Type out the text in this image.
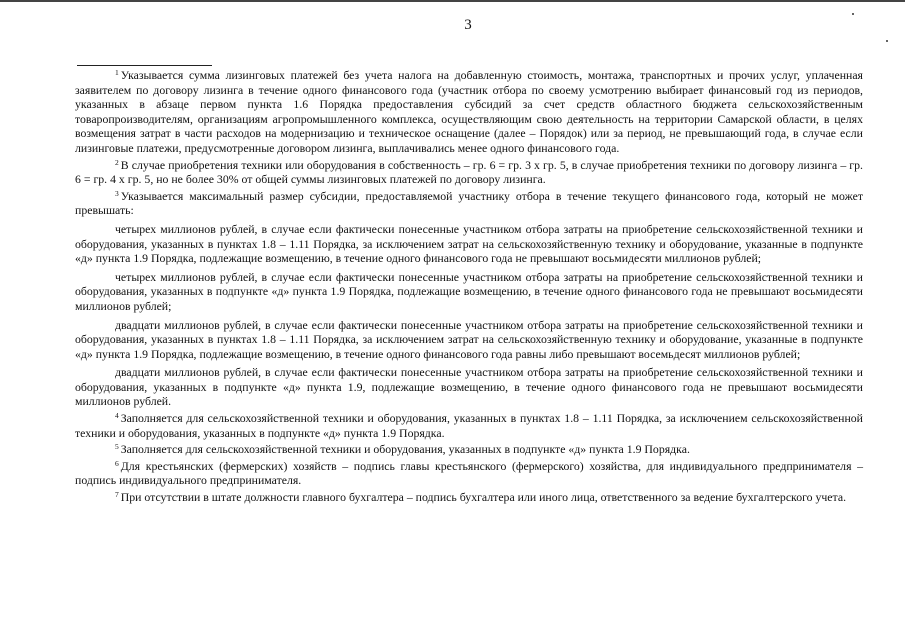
3

$^1$ Указывается сумма лизинговых платежей без учета налога на добавленную стоимость, монтажа, транспортных и прочих услуг, уплаченная заявителем по договору лизинга в течение одного финансового года (участник отбора по своему усмотрению выбирает финансовый год из периодов, указанных в абзаце первом пункта 1.6 Порядка предоставления субсидий за счет средств областного бюджета сельскохозяйственным товаропроизводителям, организациям агропромышленного комплекса, осуществляющим свою деятельность на территории Самарской области, в целях возмещения затрат в части расходов на модернизацию и техническое оснащение (далее – Порядок) или за период, не превышающий года, в случае если лизинговые платежи, предусмотренные договором лизинга, выплачивались менее одного финансового года.

$^2$ В случае приобретения техники или оборудования в собственность – гр. 6 = гр. 3 х гр. 5, в случае приобретения техники по договору лизинга – гр. 6 = гр. 4 х гр. 5, но не более 30% от общей суммы лизинговых платежей по договору лизинга.

$^3$ Указывается максимальный размер субсидии, предоставляемой участнику отбора в течение текущего финансового года, который не может превышать:

четырех миллионов рублей, в случае если фактически понесенные участником отбора затраты на приобретение сельскохозяйственной техники и оборудования, указанных в пунктах 1.8 – 1.11 Порядка, за исключением затрат на сельскохозяйственную технику и оборудование, указанные в подпункте «д» пункта 1.9 Порядка, подлежащие возмещению, в течение одного финансового года не превышают восьмидесяти миллионов рублей;

четырех миллионов рублей, в случае если фактически понесенные участником отбора затраты на приобретение сельскохозяйственной техники и оборудования, указанных в подпункте «д» пункта 1.9 Порядка, подлежащие возмещению, в течение одного финансового года не превышают восьмидесяти миллионов рублей;

двадцати миллионов рублей, в случае если фактически понесенные участником отбора затраты на приобретение сельскохозяйственной техники и оборудования, указанных в пунктах 1.8 – 1.11 Порядка, за исключением затрат на сельскохозяйственную технику и оборудование, указанные в подпункте «д» пункта 1.9 Порядка, подлежащие возмещению, в течение одного финансового года равны либо превышают восемьдесят миллионов рублей;

двадцати миллионов рублей, в случае если фактически понесенные участником отбора затраты на приобретение сельскохозяйственной техники и оборудования, указанных в подпункте «д» пункта 1.9, подлежащие возмещению, в течение одного финансового года не превышают восьмидесяти миллионов рублей.

$^4$ Заполняется для сельскохозяйственной техники и оборудования, указанных в пунктах 1.8 – 1.11 Порядка, за исключением сельскохозяйственной техники и оборудования, указанных в подпункте «д» пункта 1.9 Порядка.

$^5$ Заполняется для сельскохозяйственной техники и оборудования, указанных в подпункте «д» пункта 1.9 Порядка.

$^6$ Для крестьянских (фермерских) хозяйств – подпись главы крестьянского (фермерского) хозяйства, для индивидуального предпринимателя – подпись индивидуального предпринимателя.

$^7$ При отсутствии в штате должности главного бухгалтера – подпись бухгалтера или иного лица, ответственного за ведение бухгалтерского учета.
